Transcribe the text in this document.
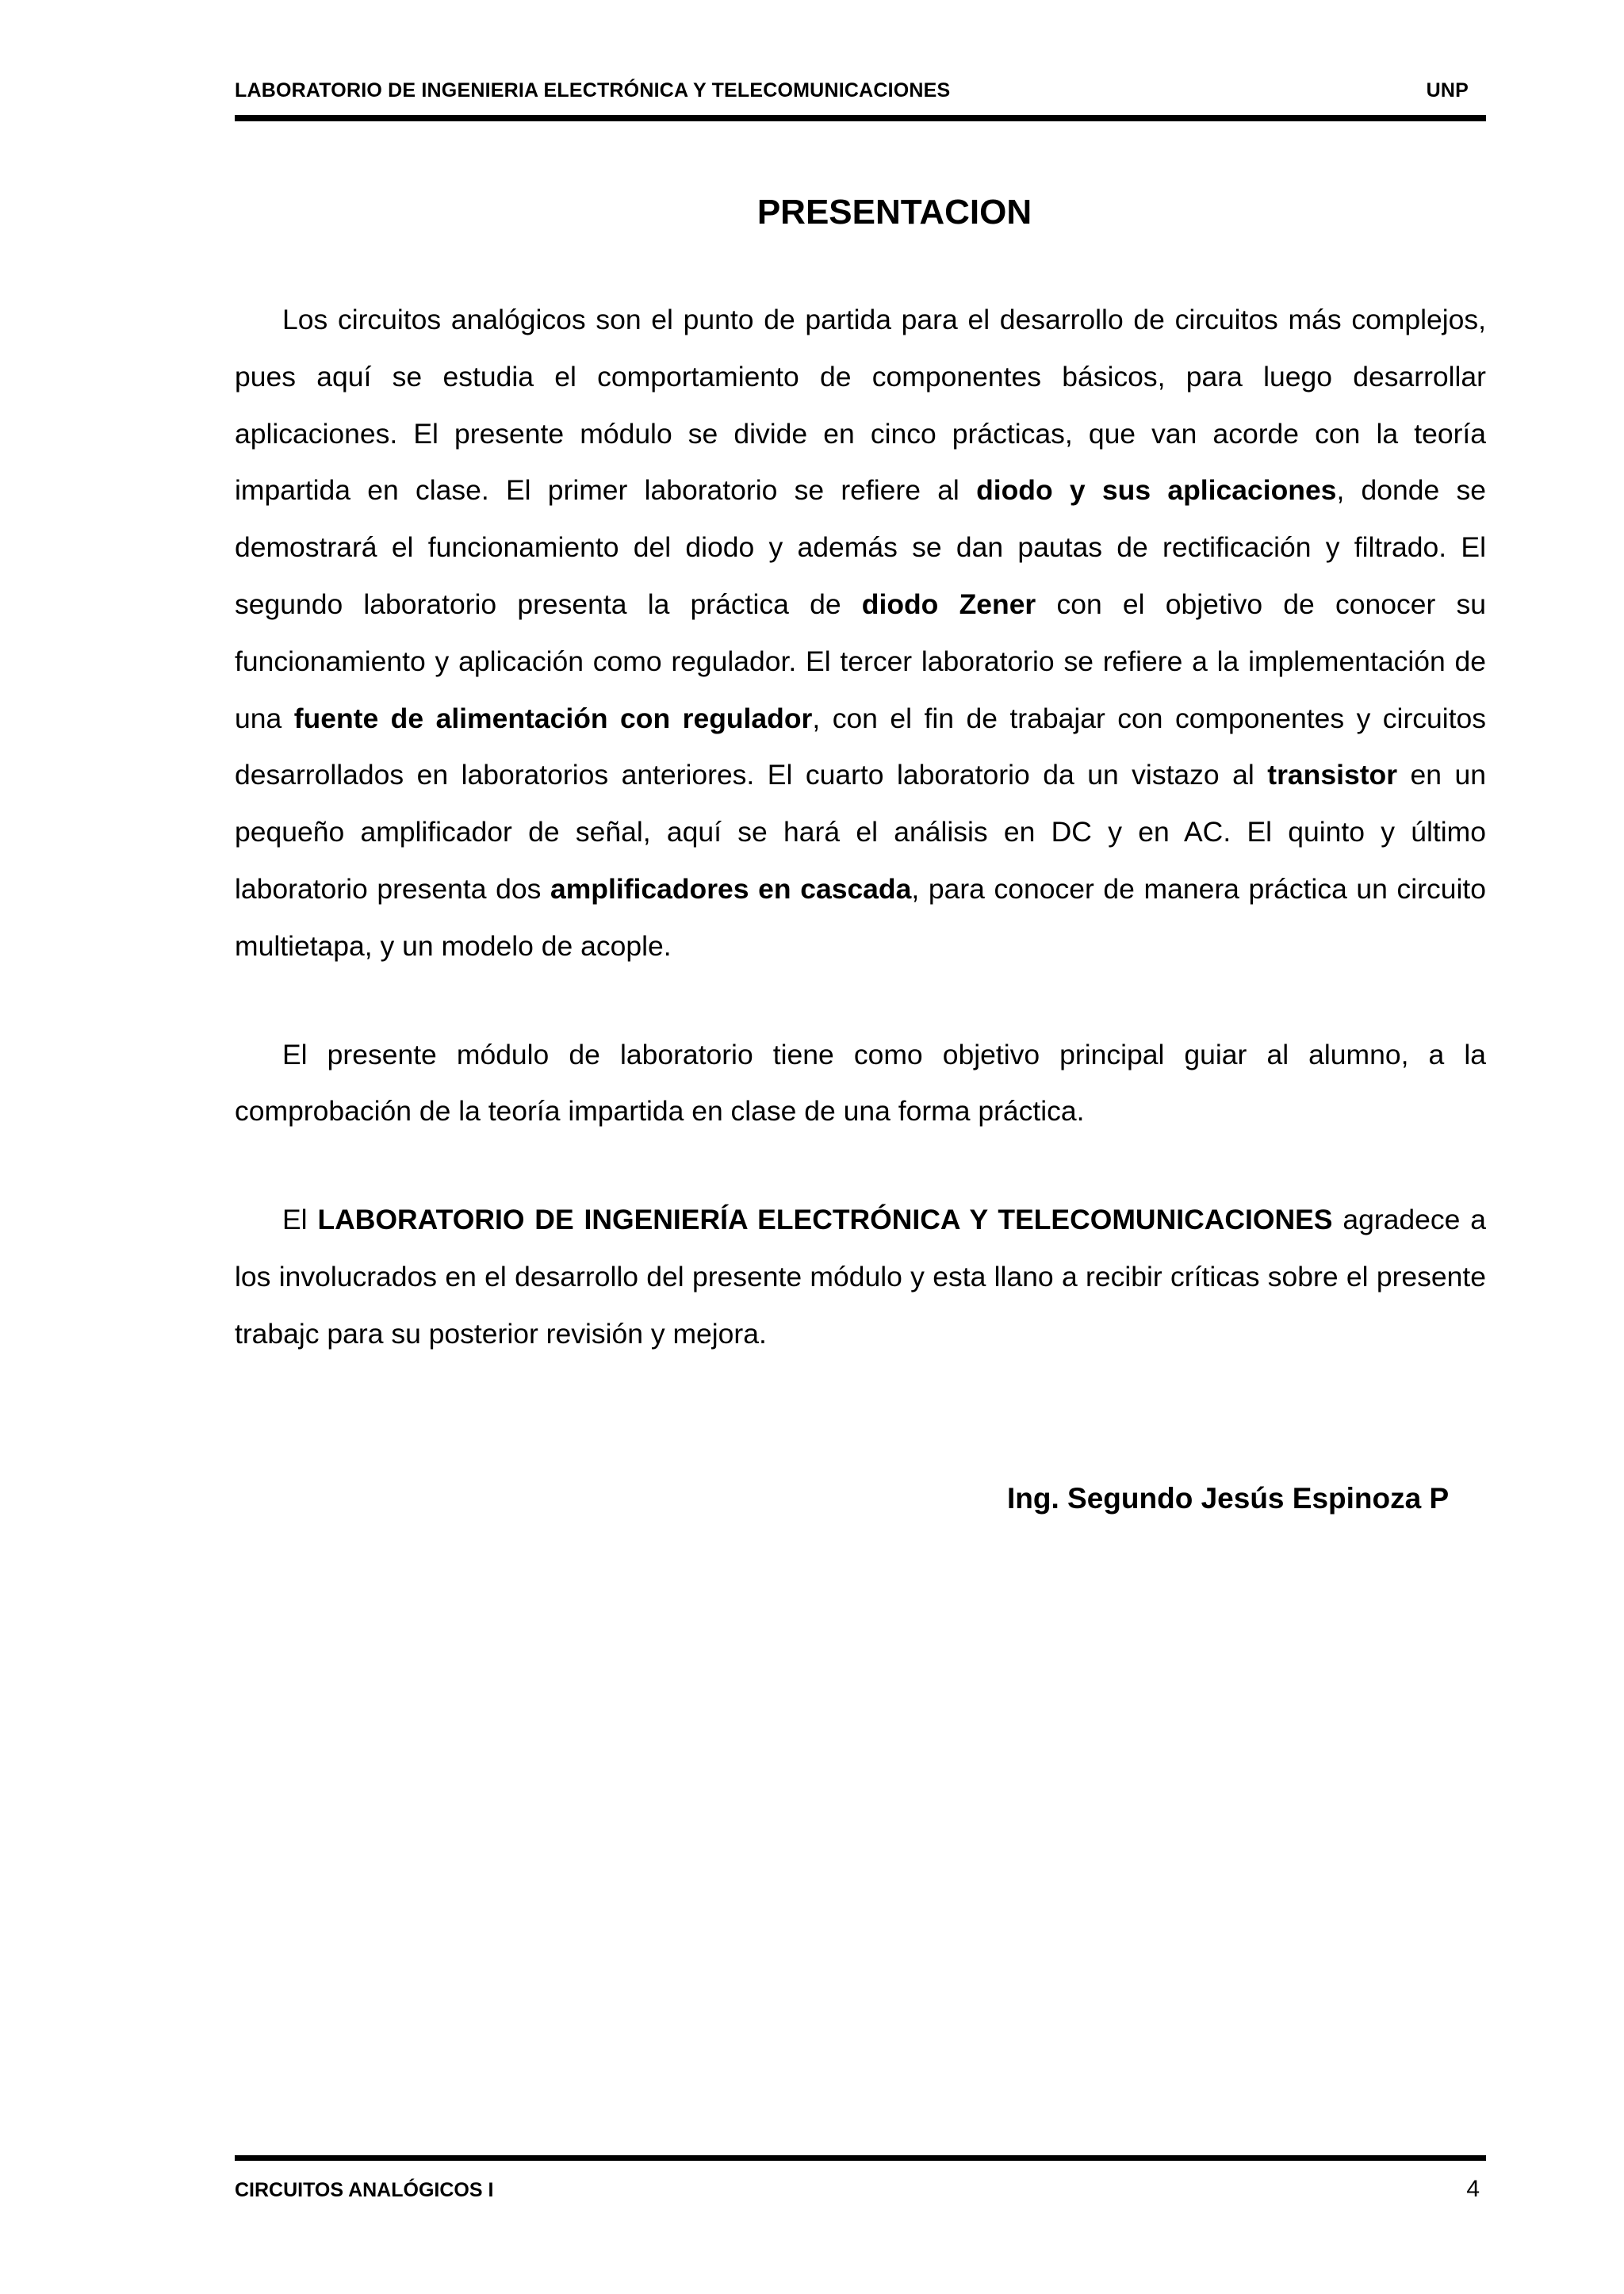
LABORATORIO DE INGENIERIA ELECTRÓNICA Y TELECOMUNICACIONES	UNP
PRESENTACION

Los circuitos analógicos son el punto de partida para el desarrollo de circuitos más complejos, pues aquí se estudia el comportamiento de componentes básicos, para luego desarrollar aplicaciones. El presente módulo se divide en cinco prácticas, que van acorde con la teoría impartida en clase. El primer laboratorio se refiere al diodo y sus aplicaciones, donde se demostrará el funcionamiento del diodo y además se dan pautas de rectificación y filtrado. El segundo laboratorio presenta la práctica de diodo Zener con el objetivo de conocer su funcionamiento y aplicación como regulador. El tercer laboratorio se refiere a la implementación de una fuente de alimentación con regulador, con el fin de trabajar con componentes y circuitos desarrollados en laboratorios anteriores. El cuarto laboratorio da un vistazo al transistor en un pequeño amplificador de señal, aquí se hará el análisis en DC y en AC. El quinto y último laboratorio presenta dos amplificadores en cascada, para conocer de manera práctica un circuito multietapa, y un modelo de acople.

El presente módulo de laboratorio tiene como objetivo principal guiar al alumno, a la comprobación de la teoría impartida en clase de una forma práctica.

El LABORATORIO DE INGENIERÍA ELECTRÓNICA Y TELECOMUNICACIONES agradece a los involucrados en el desarrollo del presente módulo y esta llano a recibir críticas sobre el presente trabajc para su posterior revisión y mejora.

Ing. Segundo Jesús Espinoza P
CIRCUITOS ANALÓGICOS I	4
